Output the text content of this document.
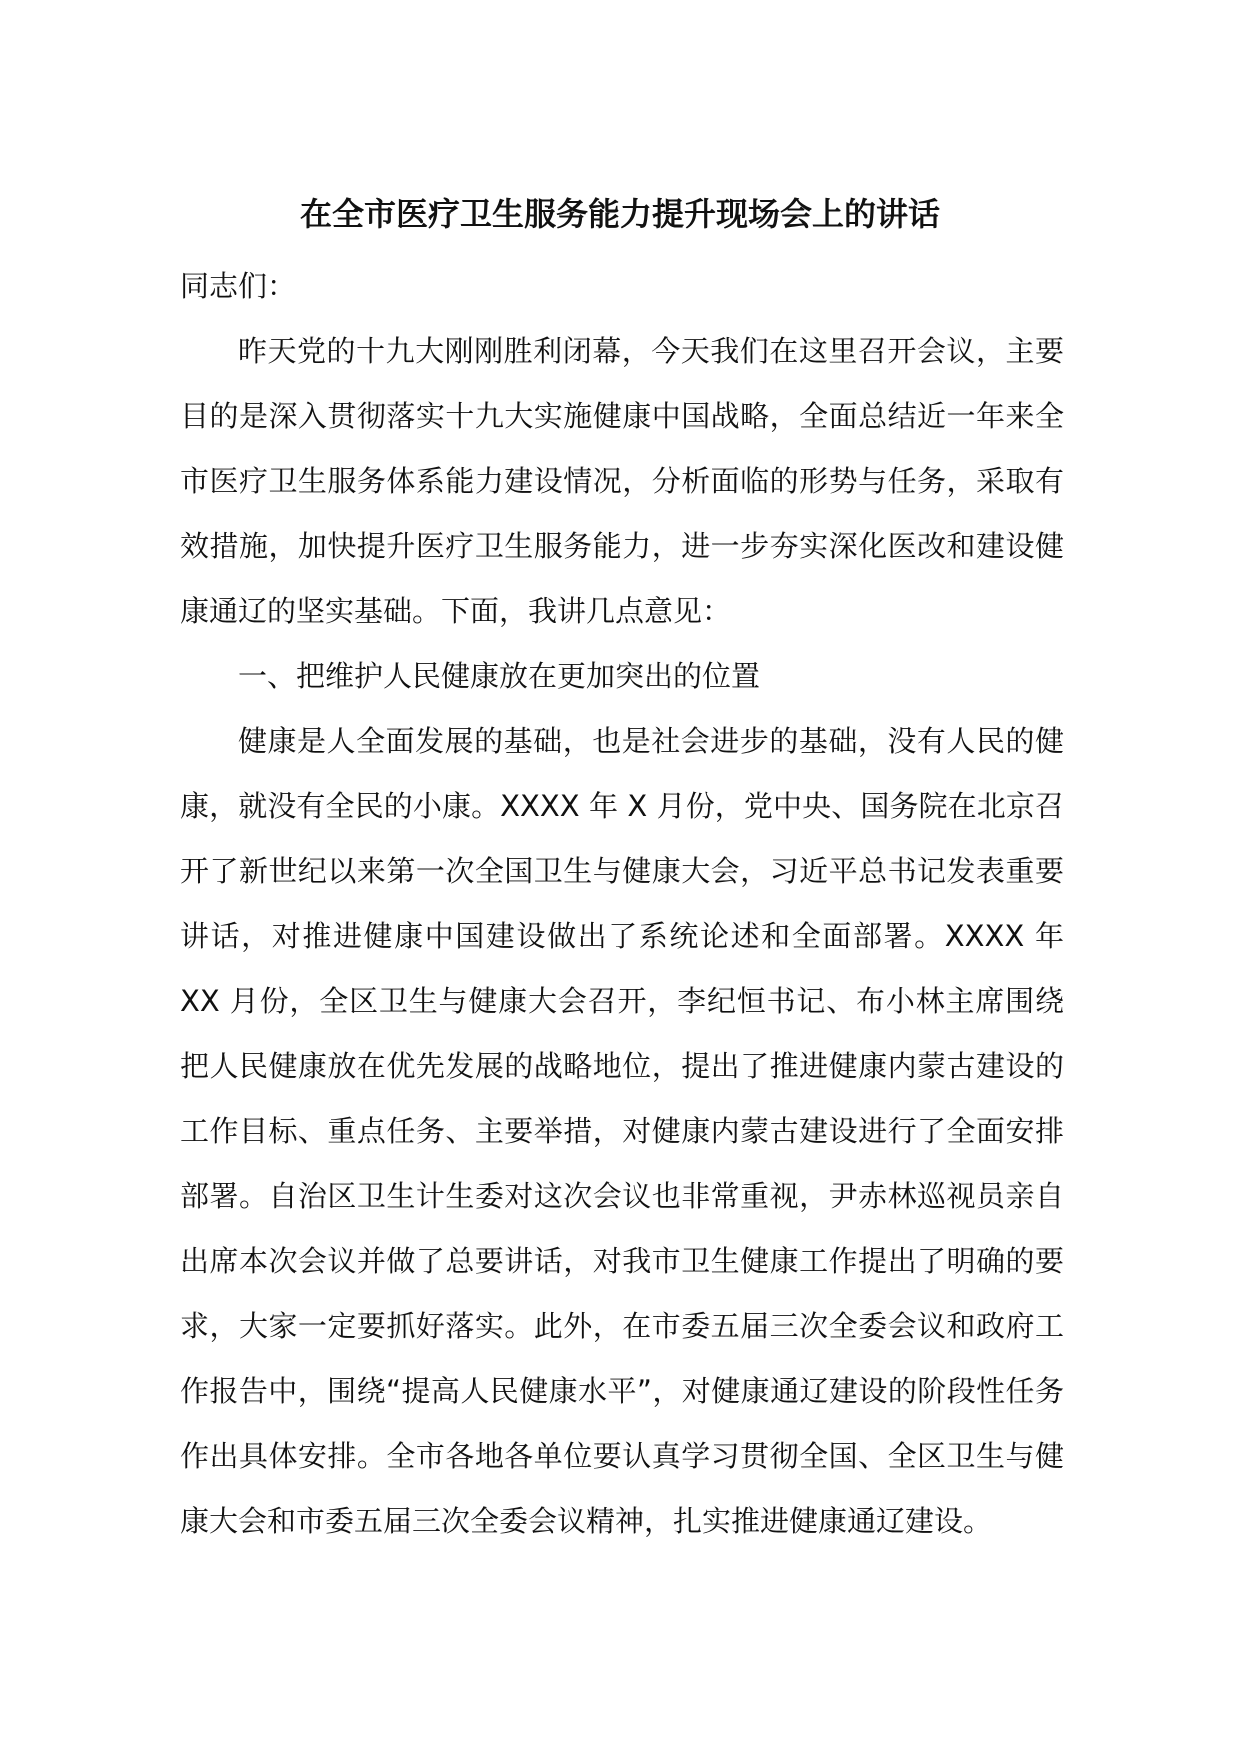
在全市医疗卫生服务能力提升现场会上的讲话

同志们：

昨天党的十九大刚刚胜利闭幕，今天我们在这里召开会议，主要目的是深入贯彻落实十九大实施健康中国战略，全面总结近一年来全市医疗卫生服务体系能力建设情况，分析面临的形势与任务，采取有效措施，加快提升医疗卫生服务能力，进一步夯实深化医改和建设健康通辽的坚实基础。下面，我讲几点意见：

一、把维护人民健康放在更加突出的位置

健康是人全面发展的基础，也是社会进步的基础，没有人民的健康，就没有全民的小康。XXXX 年 X 月份，党中央、国务院在北京召开了新世纪以来第一次全国卫生与健康大会，习近平总书记发表重要讲话，对推进健康中国建设做出了系统论述和全面部署。XXXX 年 XX 月份，全区卫生与健康大会召开，李纪恒书记、布小林主席围绕把人民健康放在优先发展的战略地位，提出了推进健康内蒙古建设的工作目标、重点任务、主要举措，对健康内蒙古建设进行了全面安排部署。自治区卫生计生委对这次会议也非常重视，尹赤林巡视员亲自出席本次会议并做了总要讲话，对我市卫生健康工作提出了明确的要求，大家一定要抓好落实。此外，在市委五届三次全委会议和政府工作报告中，围绕“提高人民健康水平”，对健康通辽建设的阶段性任务作出具体安排。全市各地各单位要认真学习贯彻全国、全区卫生与健康大会和市委五届三次全委会议精神，扎实推进健康通辽建设。
